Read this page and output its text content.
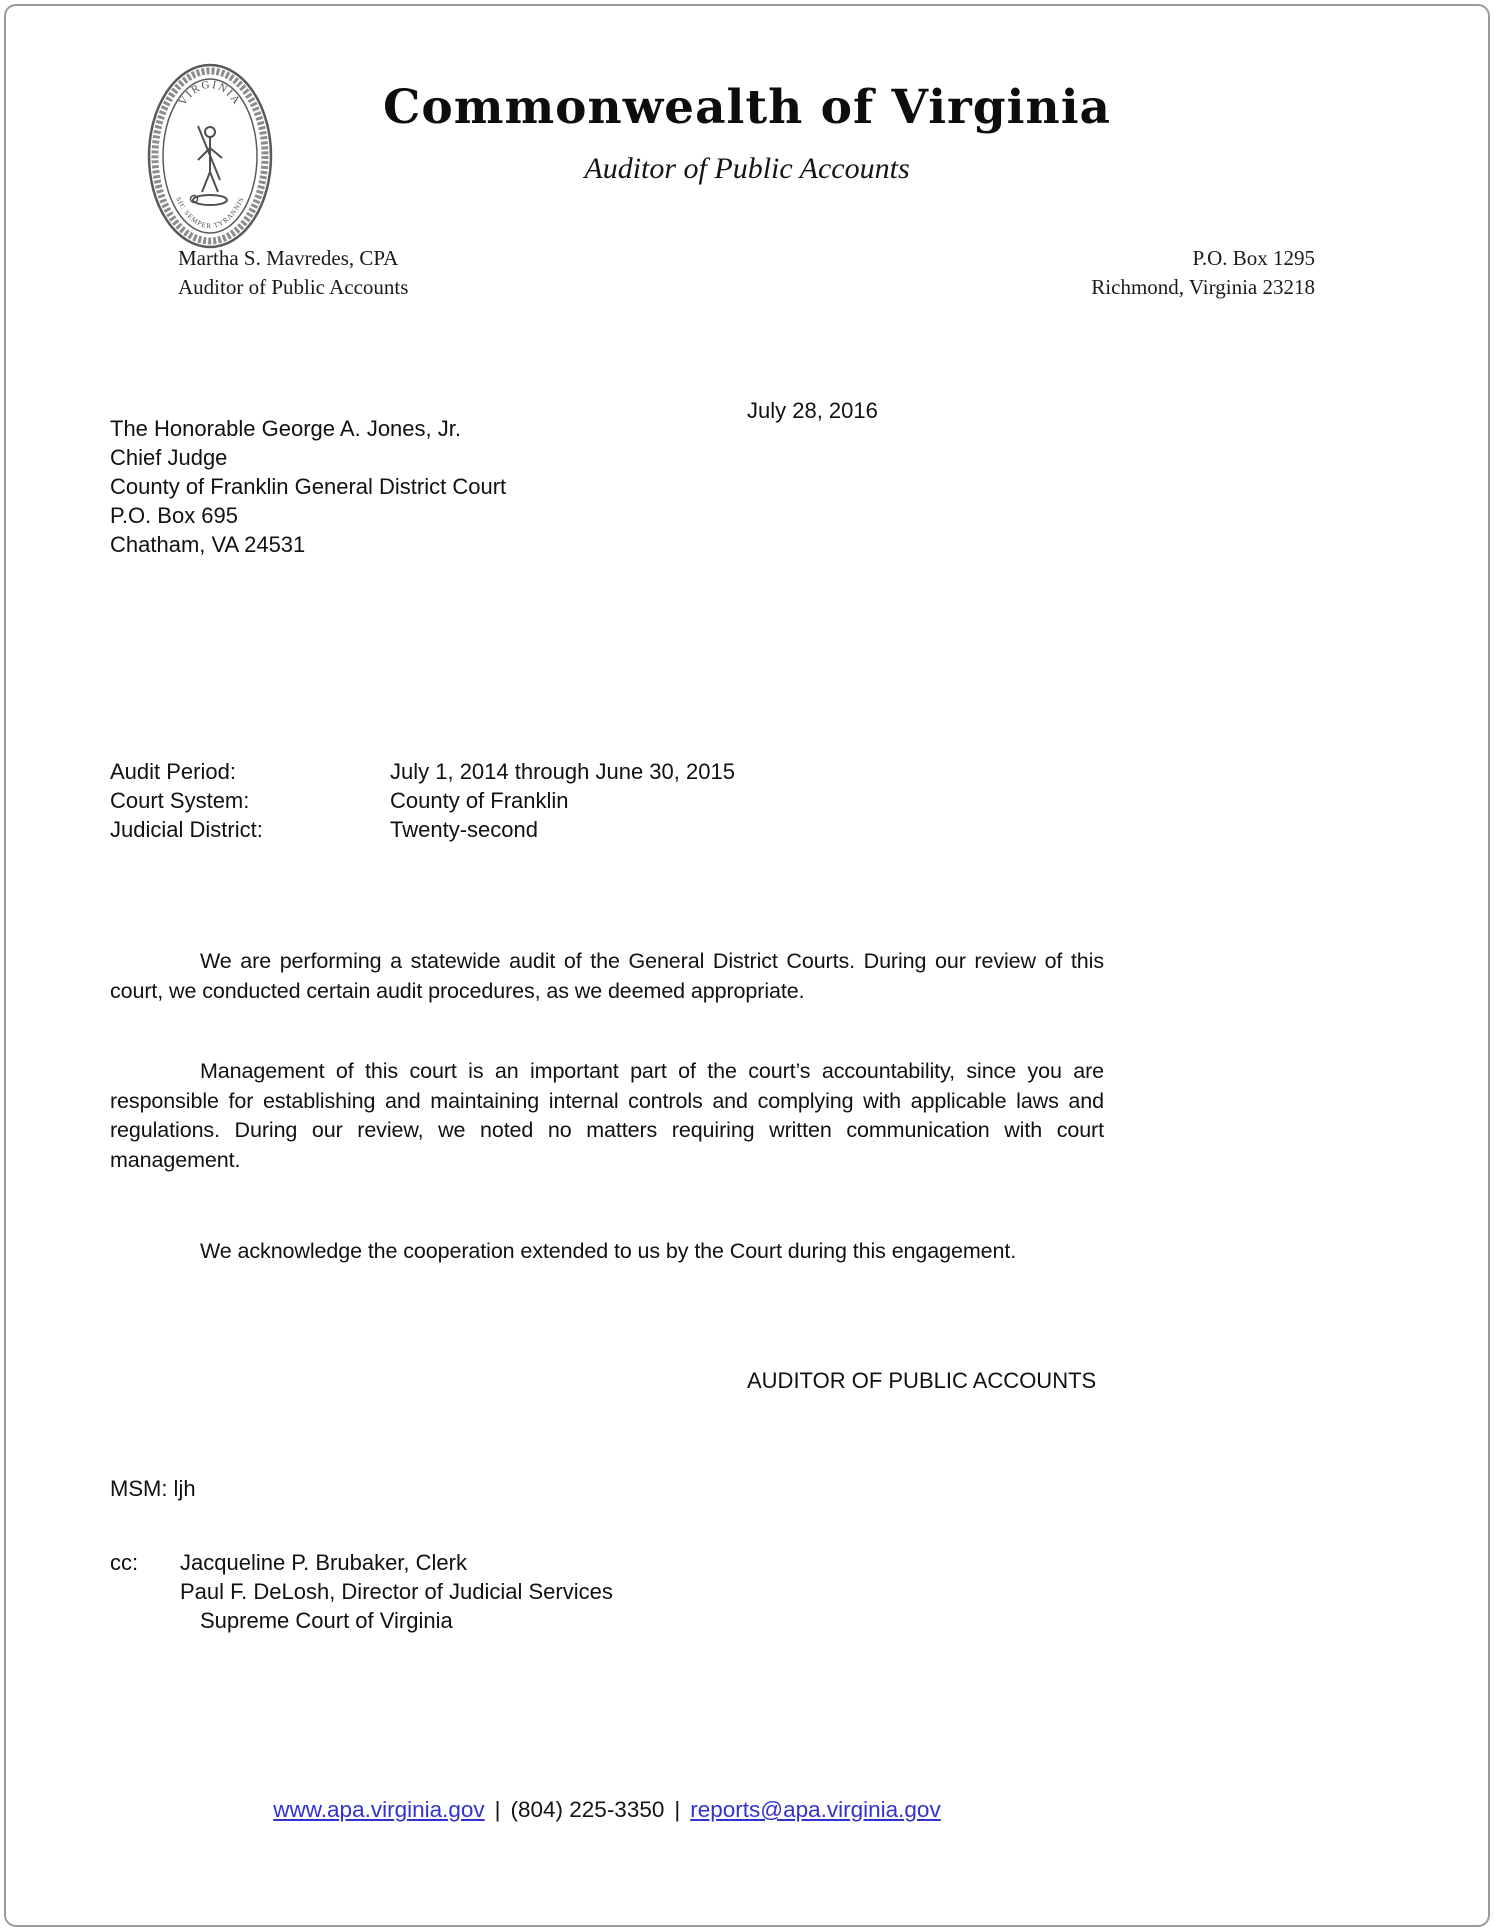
VIRGINIA
SIC SEMPER TYRANNIS
Commonwealth of Virginia
Auditor of Public Accounts
Martha S. Mavredes, CPA
Auditor of Public Accounts
P.O. Box 1295
Richmond, Virginia 23218
July 28, 2016
The Honorable George A. Jones, Jr.
Chief Judge
County of Franklin General District Court
P.O. Box 695
Chatham, VA 24531
Audit Period:	July 1, 2014 through June 30, 2015
Court System:	County of Franklin
Judicial District:	Twenty-second
We are performing a statewide audit of the General District Courts. During our review of this court, we conducted certain audit procedures, as we deemed appropriate.
Management of this court is an important part of the court’s accountability, since you are responsible for establishing and maintaining internal controls and complying with applicable laws and regulations. During our review, we noted no matters requiring written communication with court management.
We acknowledge the cooperation extended to us by the Court during this engagement.
AUDITOR OF PUBLIC ACCOUNTS
MSM: ljh
cc:	Jacqueline P. Brubaker, Clerk
Paul F. DeLosh, Director of Judicial Services
Supreme Court of Virginia
www.apa.virginia.gov | (804) 225-3350 | reports@apa.virginia.gov
